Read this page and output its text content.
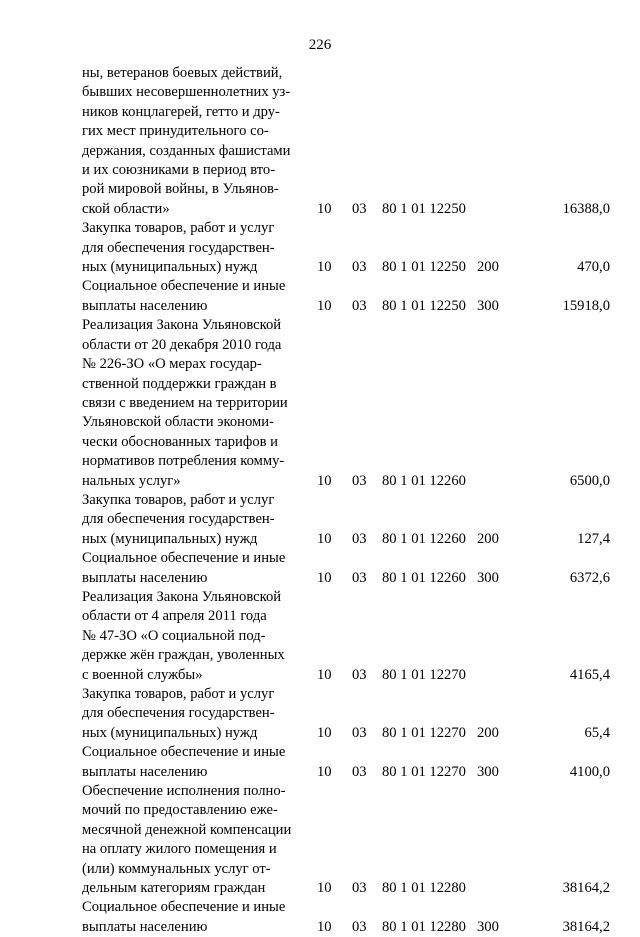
226
ны, ветеранов боевых действий,
бывших несовершеннолетних уз-
ников концлагерей, гетто и дру-
гих мест принудительного со-
держания, созданных фашистами
и их союзниками в период вто-
рой мировой войны, в Ульянов-
ской области»	10 03 80 1 01 12250	16388,0
Закупка товаров, работ и услуг
для обеспечения государствен-
ных (муниципальных) нужд	10 03 80 1 01 12250 200	470,0
Социальное обеспечение и иные
выплаты населению	10 03 80 1 01 12250 300	15918,0
Реализация Закона Ульяновской
области от 20 декабря 2010 года
№ 226-ЗО «О мерах государ-
ственной поддержки граждан в
связи с введением на территории
Ульяновской области экономи-
чески обоснованных тарифов и
нормативов потребления комму-
нальных услуг»	10 03 80 1 01 12260	6500,0
Закупка товаров, работ и услуг
для обеспечения государствен-
ных (муниципальных) нужд	10 03 80 1 01 12260 200	127,4
Социальное обеспечение и иные
выплаты населению	10 03 80 1 01 12260 300	6372,6
Реализация Закона Ульяновской
области от 4 апреля 2011 года
№ 47-ЗО «О социальной под-
держке жён граждан, уволенных
с военной службы»	10 03 80 1 01 12270	4165,4
Закупка товаров, работ и услуг
для обеспечения государствен-
ных (муниципальных) нужд	10 03 80 1 01 12270 200	65,4
Социальное обеспечение и иные
выплаты населению	10 03 80 1 01 12270 300	4100,0
Обеспечение исполнения полно-
мочий по предоставлению еже-
месячной денежной компенсации
на оплату жилого помещения и
(или) коммунальных услуг от-
дельным категориям граждан	10 03 80 1 01 12280	38164,2
Социальное обеспечение и иные
выплаты населению	10 03 80 1 01 12280 300	38164,2
